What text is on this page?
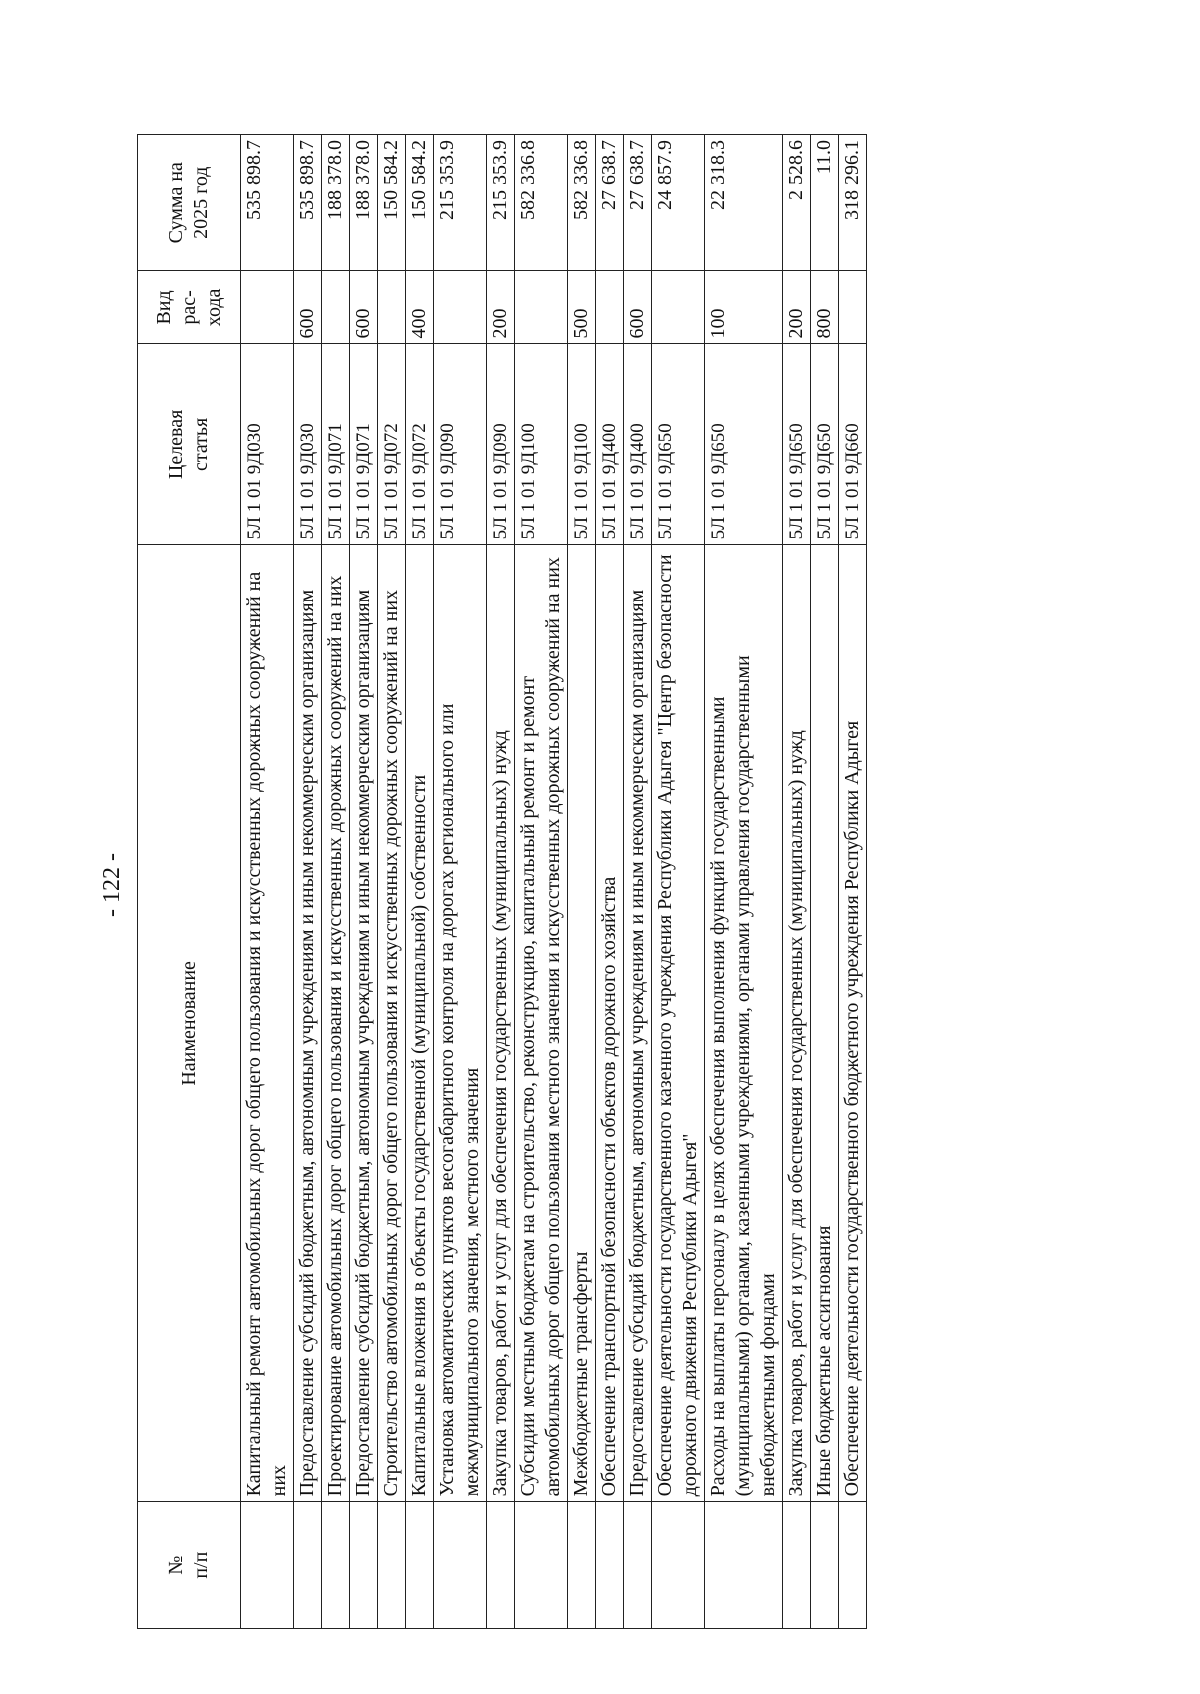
- 122 -
№ п/п	Наименование	Целевая статья	Вид рас- хода	Сумма на 2025 год

	Капитальный ремонт автомобильных дорог общего пользования и искусственных дорожных сооружений на них	5Л 1 01 9Д030		535 898.7
	Предоставление субсидий бюджетным, автономным учреждениям и иным некоммерческим организациям	5Л 1 01 9Д030	600	535 898.7
	Проектирование автомобильных дорог общего пользования и искусственных дорожных сооружений на них	5Л 1 01 9Д071		188 378.0
	Предоставление субсидий бюджетным, автономным учреждениям и иным некоммерческим организациям	5Л 1 01 9Д071	600	188 378.0
	Строительство автомобильных дорог общего пользования и искусственных дорожных сооружений на них	5Л 1 01 9Д072		150 584.2
	Капитальные вложения в объекты государственной (муниципальной) собственности	5Л 1 01 9Д072	400	150 584.2
	Установка автоматических пунктов весогабаритного контроля на дорогах регионального или межмуниципального значения, местного значения	5Л 1 01 9Д090		215 353.9
	Закупка товаров, работ и услуг для обеспечения государственных (муниципальных) нужд	5Л 1 01 9Д090	200	215 353.9
	Субсидии местным бюджетам на строительство, реконструкцию, капитальный ремонт и ремонт автомобильных дорог общего пользования местного значения и искусственных дорожных сооружений на них	5Л 1 01 9Д100		582 336.8
	Межбюджетные трансферты	5Л 1 01 9Д100	500	582 336.8
	Обеспечение транспортной безопасности объектов дорожного хозяйства	5Л 1 01 9Д400		27 638.7
	Предоставление субсидий бюджетным, автономным учреждениям и иным некоммерческим организациям	5Л 1 01 9Д400	600	27 638.7
	Обеспечение деятельности государственного казенного учреждения Республики Адыгея "Центр безопасности дорожного движения Республики Адыгея"	5Л 1 01 9Д650		24 857.9
	Расходы на выплаты персоналу в целях обеспечения выполнения функций государственными (муниципальными) органами, казенными учреждениями, органами управления государственными внебюджетными фондами	5Л 1 01 9Д650	100	22 318.3
	Закупка товаров, работ и услуг для обеспечения государственных (муниципальных) нужд	5Л 1 01 9Д650	200	2 528.6
	Иные бюджетные ассигнования	5Л 1 01 9Д650	800	11.0
	Обеспечение деятельности государственного бюджетного учреждения Республики Адыгея	5Л 1 01 9Д660		318 296.1
